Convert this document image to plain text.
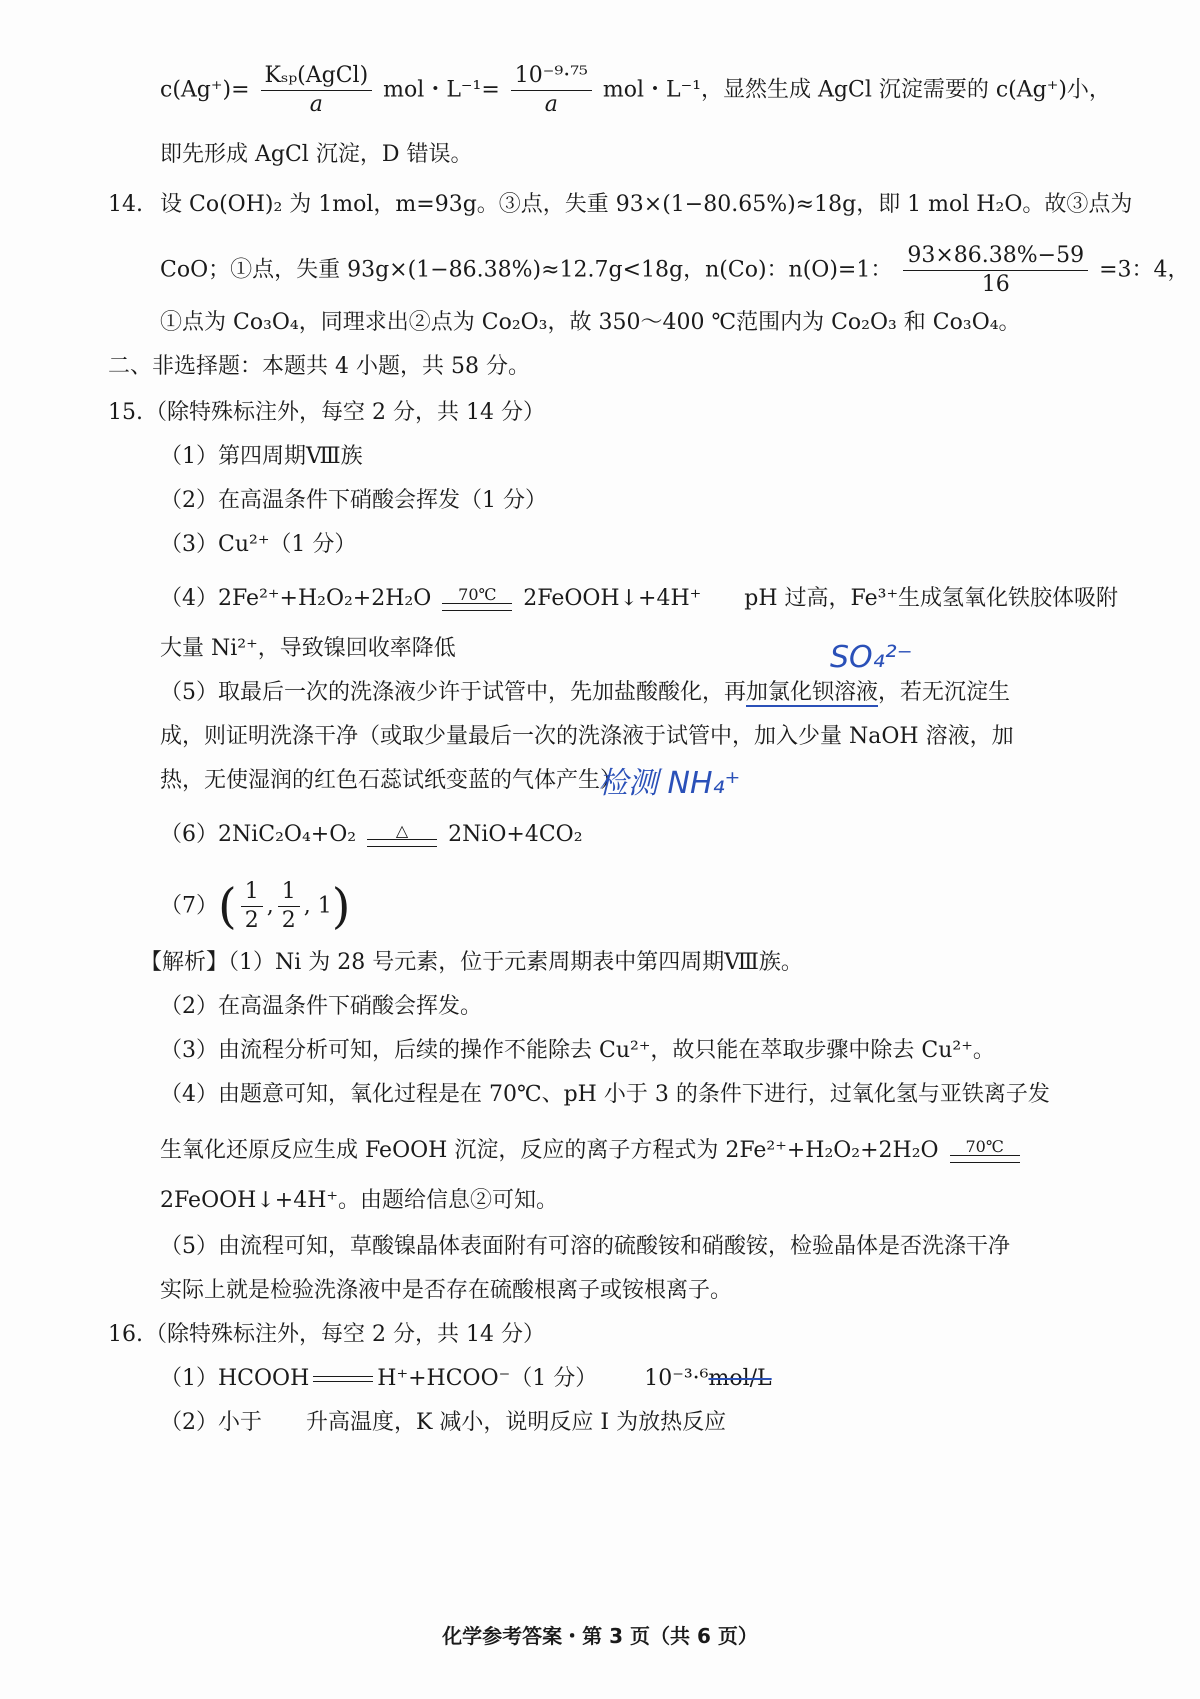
$c(Ag^+)= \frac{\text{Kₛₚ(AgCl)}}{a}$ mol・$L^{-1}= \frac{\text{10⁻⁹·⁷⁵}}{a}$ mol・L⁻¹，显然生成 AgCl 沉淀需要的 c(Ag⁺)小，
即先形成 AgCl 沉淀，D 错误。
14. 设 Co(OH)₂ 为 1mol，m=93g。③点，失重 93×(1−80.65%)≈18g，即 1 mol H₂O。故③点为
CoO；①点，失重 93g×(1−86.38%)≈12.7g<18g，n(Co)：n(O)=1： $\frac{93\times 86.38\%-59}{16} =3$：4，
①点为 Co₃O₄，同理求出②点为 Co₂O₃，故 350～400 ℃范围内为 Co₂O₃ 和 Co₃O₄。
二、非选择题：本题共 4 小题，共 58 分。
15. （除特殊标注外，每空 2 分，共 14 分）
（1）第四周期Ⅷ族
（2）在高温条件下硝酸会挥发（1 分）
（3）Cu²⁺（1 分）
（4）2Fe²⁺+H₂O₂+2H₂O	70℃	2FeOOH↓+4H⁺ pH 过高，Fe³⁺生成氢氧化铁胶体吸附
大量 Ni²⁺，导致镍回收率降低	SO₄²⁻
（5）取最后一次的洗涤液少许于试管中，先加盐酸酸化，再加氯化钡溶液，若无沉淀生
成，则证明洗涤干净（或取少量最后一次的洗涤液于试管中，加入少量 NaOH 溶液，加
热，无使湿润的红色石蕊试纸变蓝的气体产生）
检测 NH₄⁺
（6）2NiC₂O₄+O₂	△	2NiO+4CO₂
$(7)( \frac{1}{2}$ , $\frac{1}{2}$ , 1)
【解析】（1）Ni 为 28 号元素，位于元素周期表中第四周期Ⅷ族。
（2）在高温条件下硝酸会挥发。
（3）由流程分析可知，后续的操作不能除去 Cu²⁺，故只能在萃取步骤中除去 Cu²⁺。
（4）由题意可知，氧化过程是在 70℃、pH 小于 3 的条件下进行，过氧化氢与亚铁离子发
生氧化还原反应生成 FeOOH 沉淀，反应的离子方程式为 2Fe²⁺+H₂O₂+2H₂O	70℃
2FeOOH↓+4H⁺。由题给信息②可知。
（5）由流程可知，草酸镍晶体表面附有可溶的硫酸铵和硝酸铵，检验晶体是否洗涤干净
实际上就是检验洗涤液中是否存在硫酸根离子或铵根离子。
16. （除特殊标注外，每空 2 分，共 14 分）
（1）HCOOH	H⁺+HCOO⁻（1 分） 10⁻³·⁶mol/L
（2）小于　　升高温度，K 减小，说明反应 I 为放热反应
化学参考答案・第 3 页（共 6 页）
